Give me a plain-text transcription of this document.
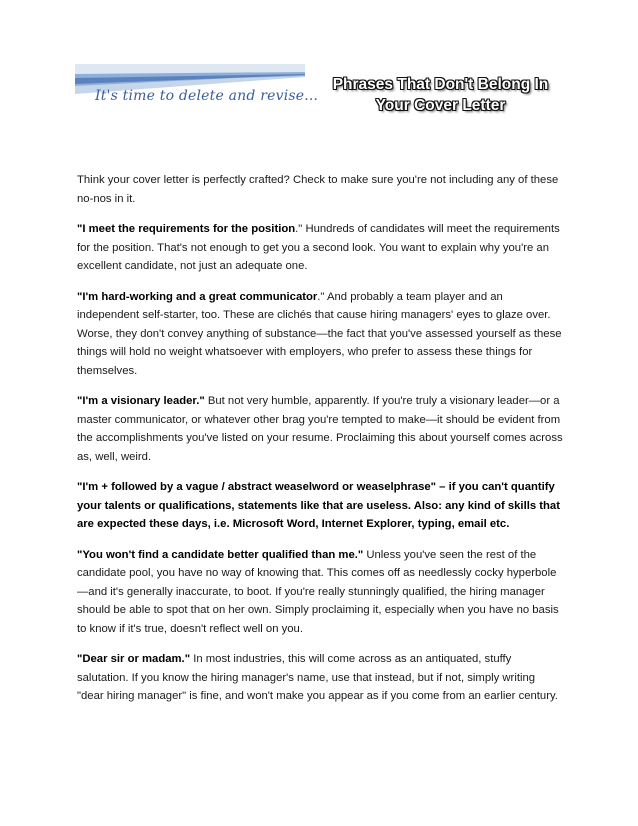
It's time to delete and revise...
Phrases That Don't Belong In
Your Cover Letter

Think your cover letter is perfectly crafted? Check to make sure you're not including any of these no-nos in it.

"I meet the requirements for the position." Hundreds of candidates will meet the requirements for the position. That's not enough to get you a second look. You want to explain why you're an excellent candidate, not just an adequate one.

"I'm hard-working and a great communicator." And probably a team player and an independent self-starter, too. These are clichés that cause hiring managers' eyes to glaze over. Worse, they don't convey anything of substance—the fact that you've assessed yourself as these things will hold no weight whatsoever with employers, who prefer to assess these things for themselves.

"I'm a visionary leader." But not very humble, apparently. If you're truly a visionary leader—or a master communicator, or whatever other brag you're tempted to make—it should be evident from the accomplishments you've listed on your resume. Proclaiming this about yourself comes across as, well, weird.

"I'm + followed by a vague / abstract weaselword or weaselphrase" – if you can't quantify your talents or qualifications, statements like that are useless. Also: any kind of skills that are expected these days, i.e. Microsoft Word, Internet Explorer, typing, email etc.

"You won't find a candidate better qualified than me." Unless you've seen the rest of the candidate pool, you have no way of knowing that. This comes off as needlessly cocky hyperbole—and it's generally inaccurate, to boot. If you're really stunningly qualified, the hiring manager should be able to spot that on her own. Simply proclaiming it, especially when you have no basis to know if it's true, doesn't reflect well on you.

"Dear sir or madam." In most industries, this will come across as an antiquated, stuffy salutation. If you know the hiring manager's name, use that instead, but if not, simply writing "dear hiring manager" is fine, and won't make you appear as if you come from an earlier century.
